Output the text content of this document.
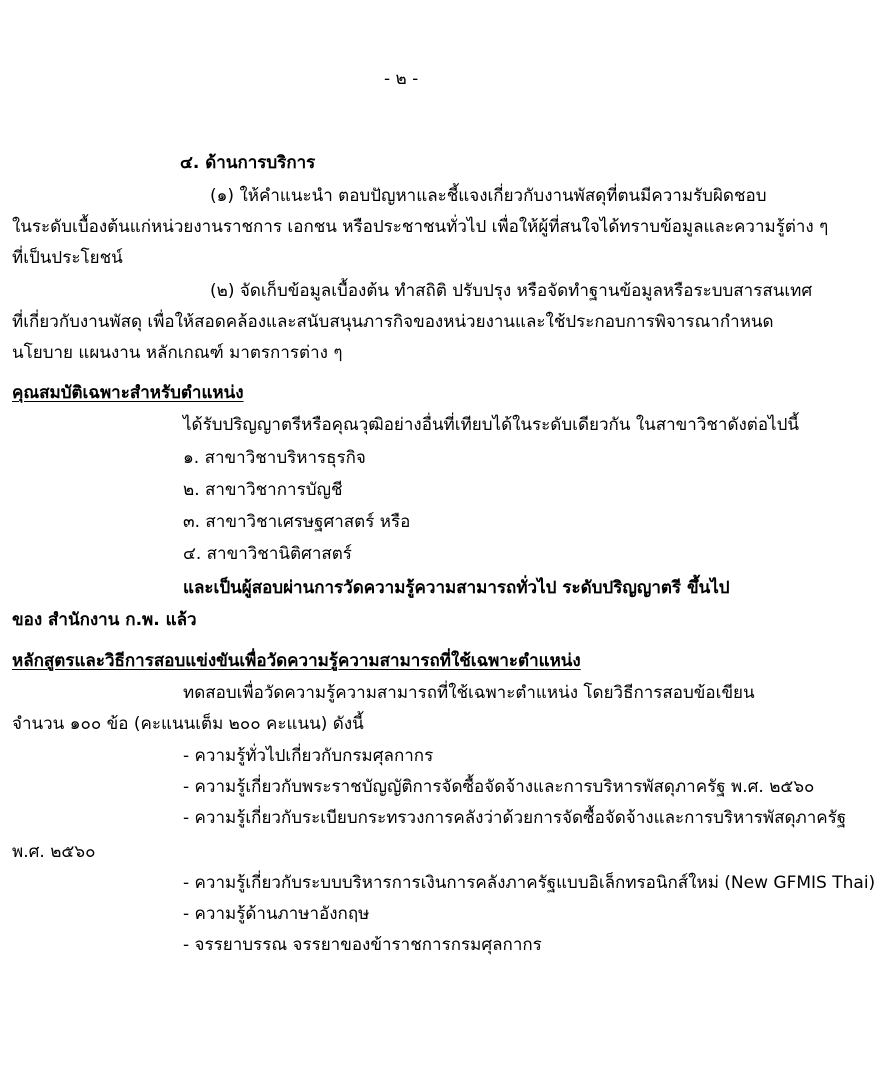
- ๒ -
๔. ด้านการบริการ
(๑) ให้คำแนะนำ ตอบปัญหาและชี้แจงเกี่ยวกับงานพัสดุที่ตนมีความรับผิดชอบ
ในระดับเบื้องต้นแก่หน่วยงานราชการ เอกชน หรือประชาชนทั่วไป เพื่อให้ผู้ที่สนใจได้ทราบข้อมูลและความรู้ต่าง ๆ
ที่เป็นประโยชน์
(๒) จัดเก็บข้อมูลเบื้องต้น ทำสถิติ ปรับปรุง หรือจัดทำฐานข้อมูลหรือระบบสารสนเทศ
ที่เกี่ยวกับงานพัสดุ เพื่อให้สอดคล้องและสนับสนุนภารกิจของหน่วยงานและใช้ประกอบการพิจารณากำหนด
นโยบาย แผนงาน หลักเกณฑ์ มาตรการต่าง ๆ
คุณสมบัติเฉพาะสำหรับตำแหน่ง
ได้รับปริญญาตรีหรือคุณวุฒิอย่างอื่นที่เทียบได้ในระดับเดียวกัน ในสาขาวิชาดังต่อไปนี้
๑. สาขาวิชาบริหารธุรกิจ
๒. สาขาวิชาการบัญชี
๓. สาขาวิชาเศรษฐศาสตร์ หรือ
๔. สาขาวิชานิติศาสตร์
และเป็นผู้สอบผ่านการวัดความรู้ความสามารถทั่วไป ระดับปริญญาตรี ขึ้นไป
ของ สำนักงาน ก.พ. แล้ว
หลักสูตรและวิธีการสอบแข่งขันเพื่อวัดความรู้ความสามารถที่ใช้เฉพาะตำแหน่ง
ทดสอบเพื่อวัดความรู้ความสามารถที่ใช้เฉพาะตำแหน่ง โดยวิธีการสอบข้อเขียน
จำนวน ๑๐๐ ข้อ (คะแนนเต็ม ๒๐๐ คะแนน) ดังนี้
- ความรู้ทั่วไปเกี่ยวกับกรมศุลกากร
- ความรู้เกี่ยวกับพระราชบัญญัติการจัดซื้อจัดจ้างและการบริหารพัสดุภาครัฐ พ.ศ. ๒๕๖๐
- ความรู้เกี่ยวกับระเบียบกระทรวงการคลังว่าด้วยการจัดซื้อจัดจ้างและการบริหารพัสดุภาครัฐ
พ.ศ. ๒๕๖๐
- ความรู้เกี่ยวกับระบบบริหารการเงินการคลังภาครัฐแบบอิเล็กทรอนิกส์ใหม่ (New GFMIS Thai)
- ความรู้ด้านภาษาอังกฤษ
- จรรยาบรรณ จรรยาของข้าราชการกรมศุลกากร
